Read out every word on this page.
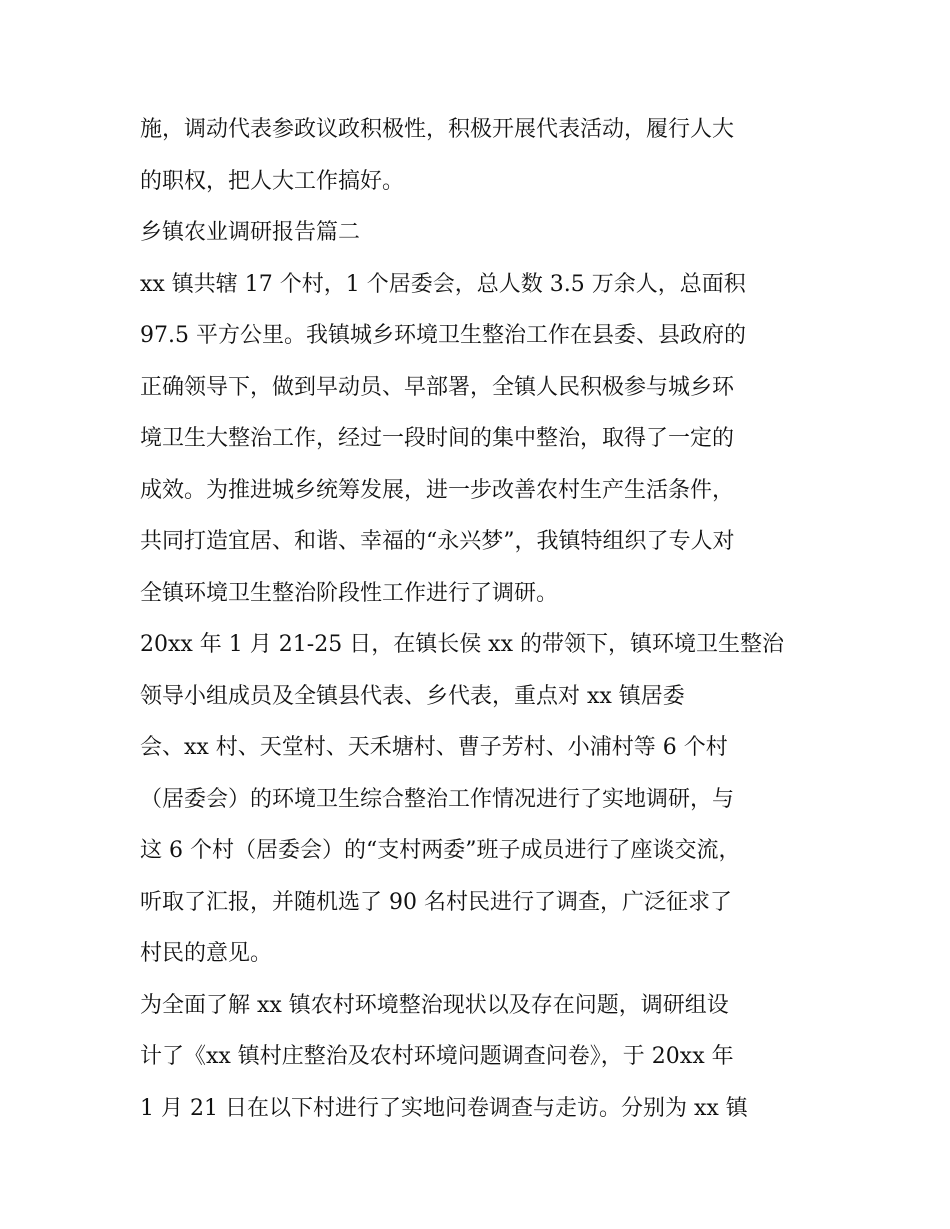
施，调动代表参政议政积极性，积极开展代表活动，履行人大
的职权，把人大工作搞好。
乡镇农业调研报告篇二
xx 镇共辖 17 个村，1 个居委会，总人数 3.5 万余人，总面积
97.5 平方公里。我镇城乡环境卫生整治工作在县委、县政府的
正确领导下，做到早动员、早部署，全镇人民积极参与城乡环
境卫生大整治工作，经过一段时间的集中整治，取得了一定的
成效。为推进城乡统筹发展，进一步改善农村生产生活条件，
共同打造宜居、和谐、幸福的“永兴梦”，我镇特组织了专人对
全镇环境卫生整治阶段性工作进行了调研。
20xx 年 1 月 21-25 日，在镇长侯 xx 的带领下，镇环境卫生整治
领导小组成员及全镇县代表、乡代表，重点对 xx 镇居委
会、xx 村、天堂村、天禾塘村、曹子芳村、小浦村等 6 个村
（居委会）的环境卫生综合整治工作情况进行了实地调研，与
这 6 个村（居委会）的“支村两委”班子成员进行了座谈交流，
听取了汇报，并随机选了 90 名村民进行了调查，广泛征求了
村民的意见。
为全面了解 xx 镇农村环境整治现状以及存在问题，调研组设
计了《xx 镇村庄整治及农村环境问题调查问卷》，于 20xx 年
1 月 21 日在以下村进行了实地问卷调查与走访。分别为 xx 镇
